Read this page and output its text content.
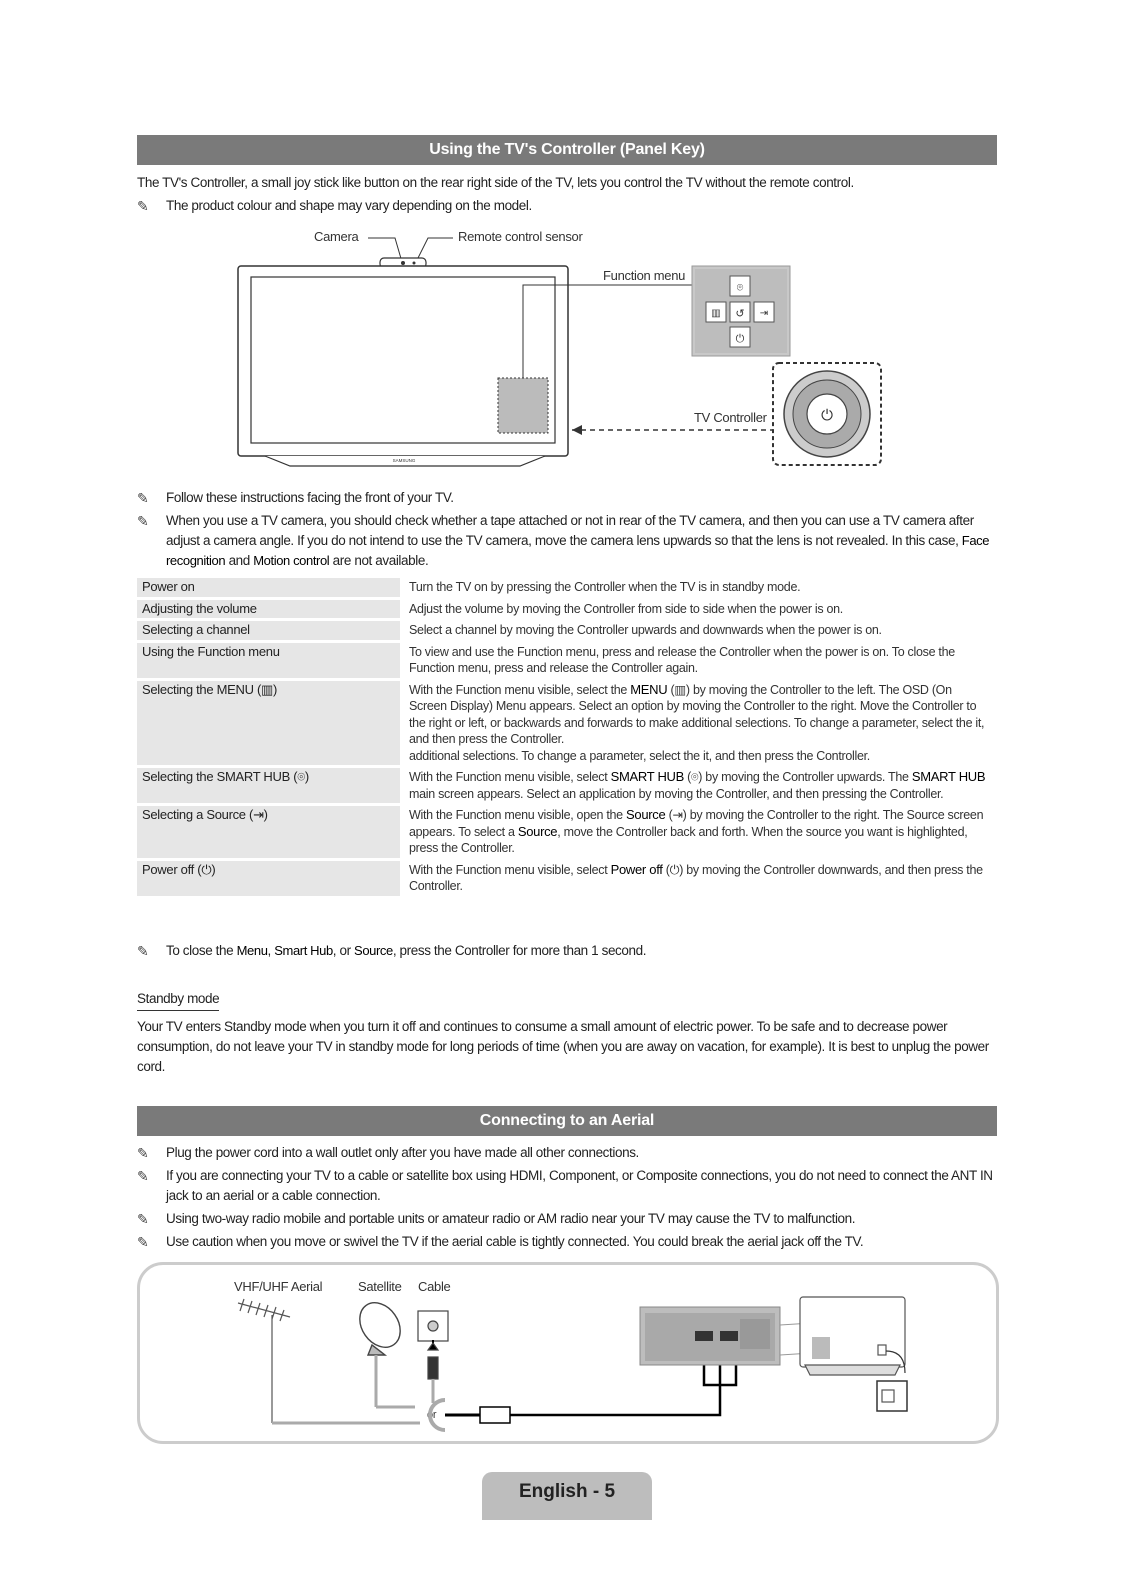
Using the TV's Controller (Panel Key)
The TV's Controller, a small joy stick like button on the rear right side of the TV, lets you control the TV without the remote control.
✎	The product colour and shape may vary depending on the model.
Camera	Remote control sensor
Function menu
TV Controller
SAMSUNG
⌾
▥ ↺ ⇥
⏻
⏻
✎	Follow these instructions facing the front of your TV.
✎	When you use a TV camera, you should check whether a tape attached or not in rear of the TV camera, and then you can use a TV camera after adjust a camera angle. If you do not intend to use the TV camera, move the camera lens upwards so that the lens is not revealed. In this case, Face recognition and Motion control are not available.
Power on		Turn the TV on by pressing the Controller when the TV is in standby mode.
Adjusting the volume		Adjust the volume by moving the Controller from side to side when the power is on.
Selecting a channel		Select a channel by moving the Controller upwards and downwards when the power is on.
Using the Function menu		To view and use the Function menu, press and release the Controller when the power is on. To close the Function menu, press and release the Controller again.
Selecting the MENU (▥)		With the Function menu visible, select the MENU (▥) by moving the Controller to the left. The OSD (On Screen Display) Menu appears. Select an option by moving the Controller to the right. Move the Controller to the right or left, or backwards and forwards to make additional selections. To change a parameter, select the it, and then press the Controller.
additional selections. To change a parameter, select the it, and then press the Controller.
Selecting the SMART HUB (⌾)		With the Function menu visible, select SMART HUB (⌾) by moving the Controller upwards. The SMART HUB main screen appears. Select an application by moving the Controller, and then pressing the Controller.
Selecting a Source (⇥)		With the Function menu visible, open the Source (⇥) by moving the Controller to the right. The Source screen appears. To select a Source, move the Controller back and forth. When the source you want is highlighted, press the Controller.
Power off (⏻)		With the Function menu visible, select Power off (⏻) by moving the Controller downwards, and then press the Controller.
✎	To close the Menu, Smart Hub, or Source, press the Controller for more than 1 second.
Standby mode
Your TV enters Standby mode when you turn it off and continues to consume a small amount of electric power. To be safe and to decrease power consumption, do not leave your TV in standby mode for long periods of time (when you are away on vacation, for example). It is best to unplug the power cord.
Connecting to an Aerial
✎	Plug the power cord into a wall outlet only after you have made all other connections.
✎	If you are connecting your TV to a cable or satellite box using HDMI, Component, or Composite connections, you do not need to connect the ANT IN jack to an aerial or a cable connection.
✎	Using two-way radio mobile and portable units or amateur radio or AM radio near your TV may cause the TV to malfunction.
✎	Use caution when you move or swivel the TV if the aerial cable is tightly connected. You could break the aerial jack off the TV.
VHF/UHF Aerial	Satellite Cable
or
English - 5
